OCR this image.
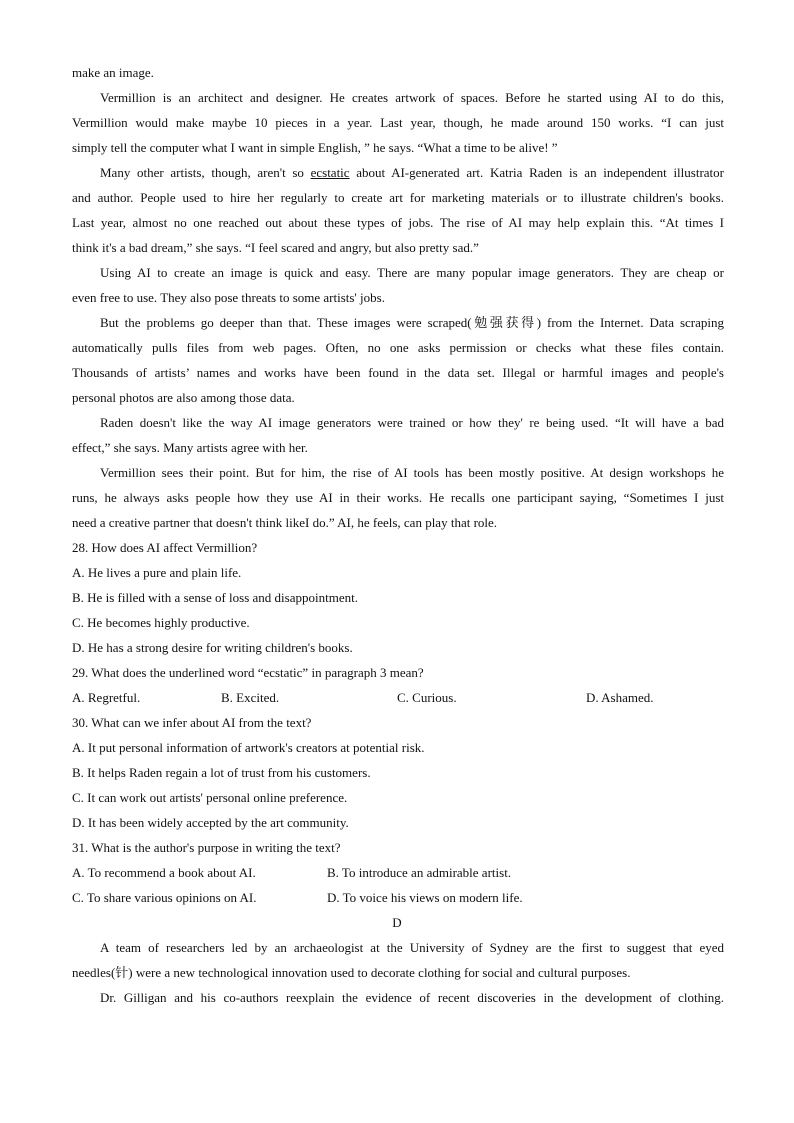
make an image.
Vermillion is an architect and designer. He creates artwork of spaces. Before he started using AI to do this,
Vermillion would make maybe 10 pieces in a year. Last year, though, he made around 150 works. “I can just
simply tell the computer what I want in simple English, ” he says. “What a time to be alive! ”
Many other artists, though, aren't so ecstatic about AI-generated art. Katria Raden is an independent illustrator
and author. People used to hire her regularly to create art for marketing materials or to illustrate children's books.
Last year, almost no one reached out about these types of jobs. The rise of AI may help explain this. “At times I
think it's a bad dream,” she says. “I feel scared and angry, but also pretty sad.”
Using AI to create an image is quick and easy. There are many popular image generators. They are cheap or
even free to use. They also pose threats to some artists' jobs.
But the problems go deeper than that. These images were scraped(勉强获得) from the Internet. Data scraping
automatically pulls files from web pages. Often, no one asks permission or checks what these files contain.
Thousands of artists’ names and works have been found in the data set. Illegal or harmful images and people's
personal photos are also among those data.
Raden doesn't like the way AI image generators were trained or how they' re being used. “It will have a bad
effect,” she says. Many artists agree with her.
Vermillion sees their point. But for him, the rise of AI tools has been mostly positive. At design workshops he
runs, he always asks people how they use AI in their works. He recalls one participant saying, “Sometimes I just
need a creative partner that doesn't think likeI do.” AI, he feels, can play that role.
28. How does AI affect Vermillion?
A. He lives a pure and plain life.
B. He is filled with a sense of loss and disappointment.
C. He becomes highly productive.
D. He has a strong desire for writing children's books.
29. What does the underlined word “ecstatic” in paragraph 3 mean?
A. Regretful.	B. Excited.	C. Curious.	D. Ashamed.
30. What can we infer about AI from the text?
A. It put personal information of artwork's creators at potential risk.
B. It helps Raden regain a lot of trust from his customers.
C. It can work out artists' personal online preference.
D. It has been widely accepted by the art community.
31. What is the author's purpose in writing the text?
A. To recommend a book about AI.	B. To introduce an admirable artist.
C. To share various opinions on AI.	D. To voice his views on modern life.
D
A team of researchers led by an archaeologist at the University of Sydney are the first to suggest that eyed
needles(针) were a new technological innovation used to decorate clothing for social and cultural purposes.
Dr. Gilligan and his co-authors reexplain the evidence of recent discoveries in the development of clothing.
